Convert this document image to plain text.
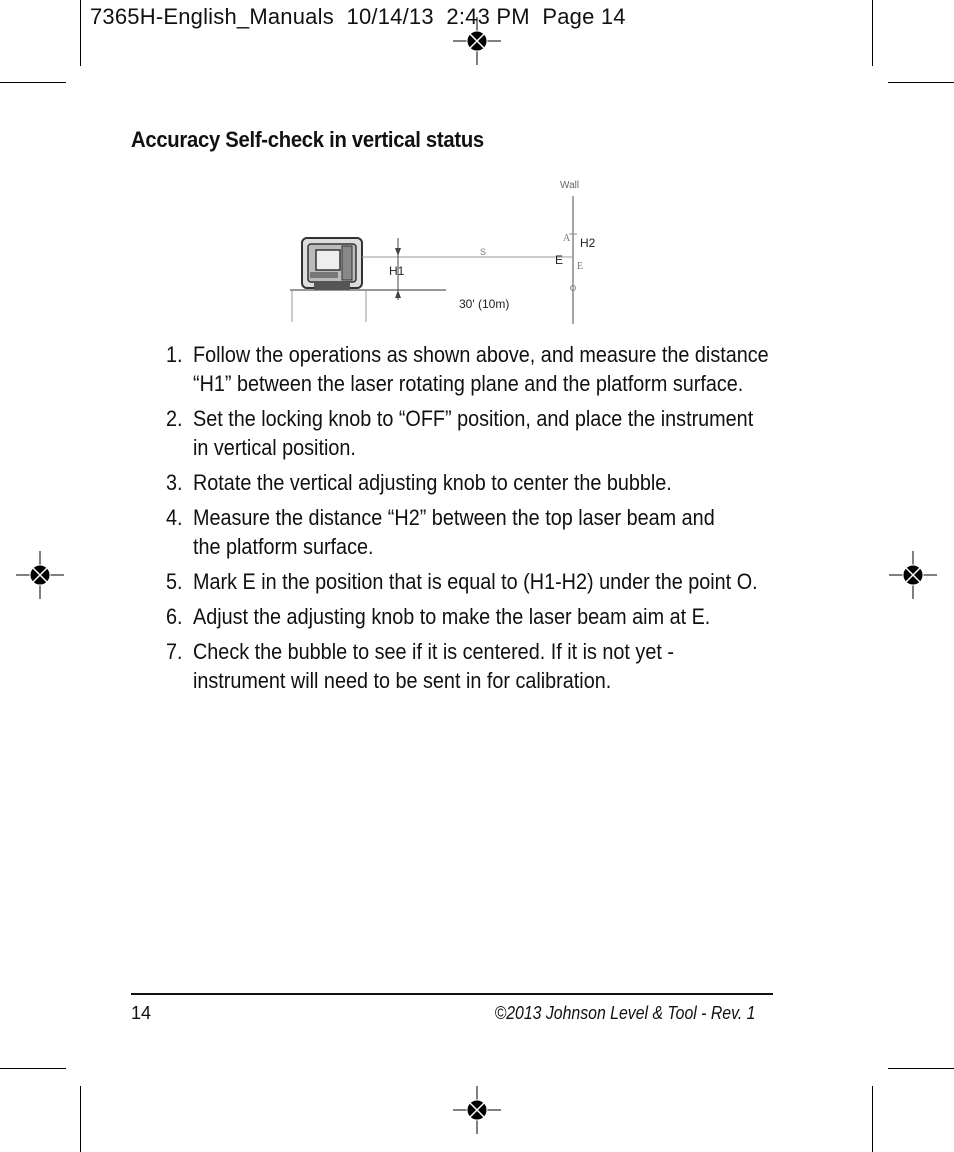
7365H-English_Manuals  10/14/13  2:43 PM  Page 14
Accuracy Self-check in vertical status
H1
S
30' (10m)
Wall
A
E
H2
E
1. Follow the operations as shown above, and measure the distance
“H1” between the laser rotating plane and the platform surface.
2. Set the locking knob to “OFF” position, and place the instrument
in vertical position.
3. Rotate the vertical adjusting knob to center the bubble.
4. Measure the distance “H2” between the top laser beam and
the platform surface.
5. Mark E in the position that is equal to (H1-H2) under the point O.
6. Adjust the adjusting knob to make the laser beam aim at E.
7. Check the bubble to see if it is centered. If it is not yet -
instrument will need to be sent in for calibration.
14	©2013 Johnson Level & Tool - Rev. 1
